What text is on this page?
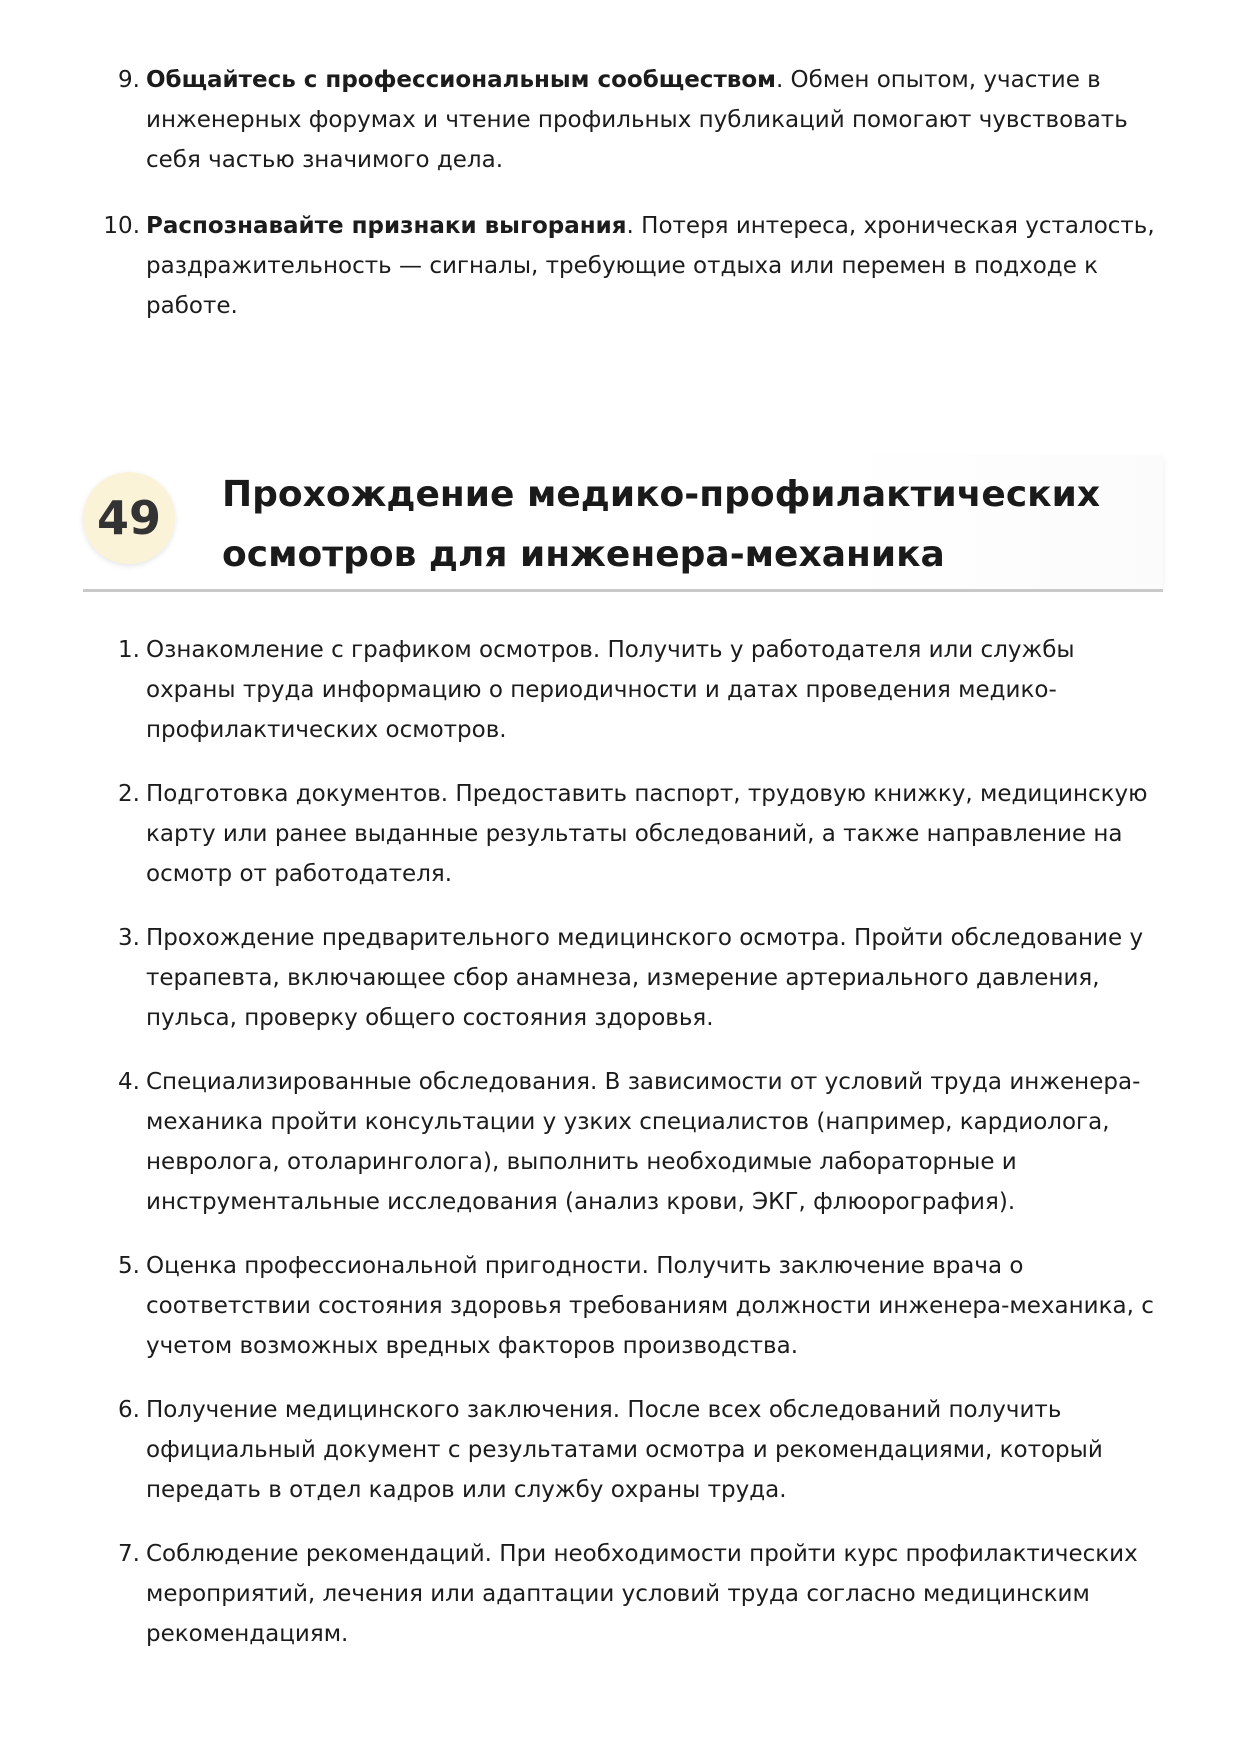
9. Общайтесь с профессиональным сообществом. Обмен опытом, участие в инженерных форумах и чтение профильных публикаций помогают чувствовать себя частью значимого дела.
10. Распознавайте признаки выгорания. Потеря интереса, хроническая усталость, раздражительность — сигналы, требующие отдыха или перемен в подходе к работе.
49	Прохождение медико-профилактических осмотров для инженера-механика
1. Ознакомление с графиком осмотров. Получить у работодателя или службы охраны труда информацию о периодичности и датах проведения медико-профилактических осмотров.
2. Подготовка документов. Предоставить паспорт, трудовую книжку, медицинскую карту или ранее выданные результаты обследований, а также направление на осмотр от работодателя.
3. Прохождение предварительного медицинского осмотра. Пройти обследование у терапевта, включающее сбор анамнеза, измерение артериального давления, пульса, проверку общего состояния здоровья.
4. Специализированные обследования. В зависимости от условий труда инженера-механика пройти консультации у узких специалистов (например, кардиолога, невролога, отоларинголога), выполнить необходимые лабораторные и инструментальные исследования (анализ крови, ЭКГ, флюорография).
5. Оценка профессиональной пригодности. Получить заключение врача о соответствии состояния здоровья требованиям должности инженера-механика, с учетом возможных вредных факторов производства.
6. Получение медицинского заключения. После всех обследований получить официальный документ с результатами осмотра и рекомендациями, который передать в отдел кадров или службу охраны труда.
7. Соблюдение рекомендаций. При необходимости пройти курс профилактических мероприятий, лечения или адаптации условий труда согласно медицинским рекомендациям.
